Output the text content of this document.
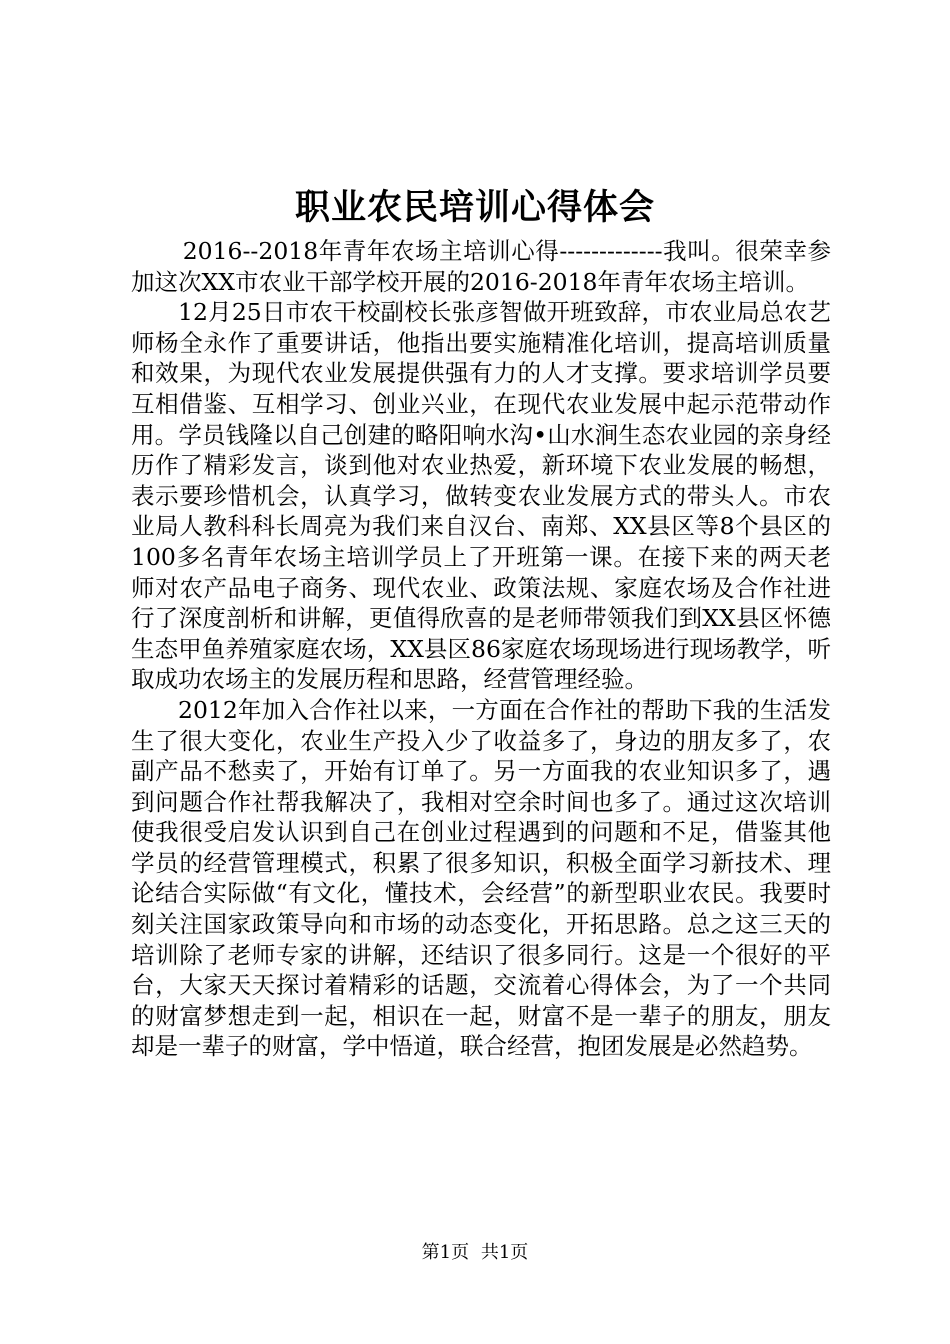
职业农民培训心得体会

2016--2018年青年农场主培训心得-------------我叫。很荣幸参加这次XX市农业干部学校开展的2016-2018年青年农场主培训。

12月25日市农干校副校长张彦智做开班致辞，市农业局总农艺师杨全永作了重要讲话，他指出要实施精准化培训，提高培训质量和效果，为现代农业发展提供强有力的人才支撑。要求培训学员要互相借鉴、互相学习、创业兴业，在现代农业发展中起示范带动作用。学员钱隆以自己创建的略阳响水沟•山水涧生态农业园的亲身经历作了精彩发言，谈到他对农业热爱，新环境下农业发展的畅想，表示要珍惜机会，认真学习，做转变农业发展方式的带头人。市农业局人教科科长周亮为我们来自汉台、南郑、XX县区等8个县区的100多名青年农场主培训学员上了开班第一课。在接下来的两天老师对农产品电子商务、现代农业、政策法规、家庭农场及合作社进行了深度剖析和讲解，更值得欣喜的是老师带领我们到XX县区怀德生态甲鱼养殖家庭农场，XX县区86家庭农场现场进行现场教学，听取成功农场主的发展历程和思路，经营管理经验。

2012年加入合作社以来，一方面在合作社的帮助下我的生活发生了很大变化，农业生产投入少了收益多了，身边的朋友多了，农副产品不愁卖了，开始有订单了。另一方面我的农业知识多了，遇到问题合作社帮我解决了，我相对空余时间也多了。通过这次培训使我很受启发认识到自己在创业过程遇到的问题和不足，借鉴其他学员的经营管理模式，积累了很多知识，积极全面学习新技术、理论结合实际做“有文化，懂技术，会经营”的新型职业农民。我要时刻关注国家政策导向和市场的动态变化，开拓思路。总之这三天的培训除了老师专家的讲解，还结识了很多同行。这是一个很好的平台，大家天天探讨着精彩的话题，交流着心得体会，为了一个共同的财富梦想走到一起，相识在一起，财富不是一辈子的朋友，朋友却是一辈子的财富，学中悟道，联合经营，抱团发展是必然趋势。

第1页 共1页
